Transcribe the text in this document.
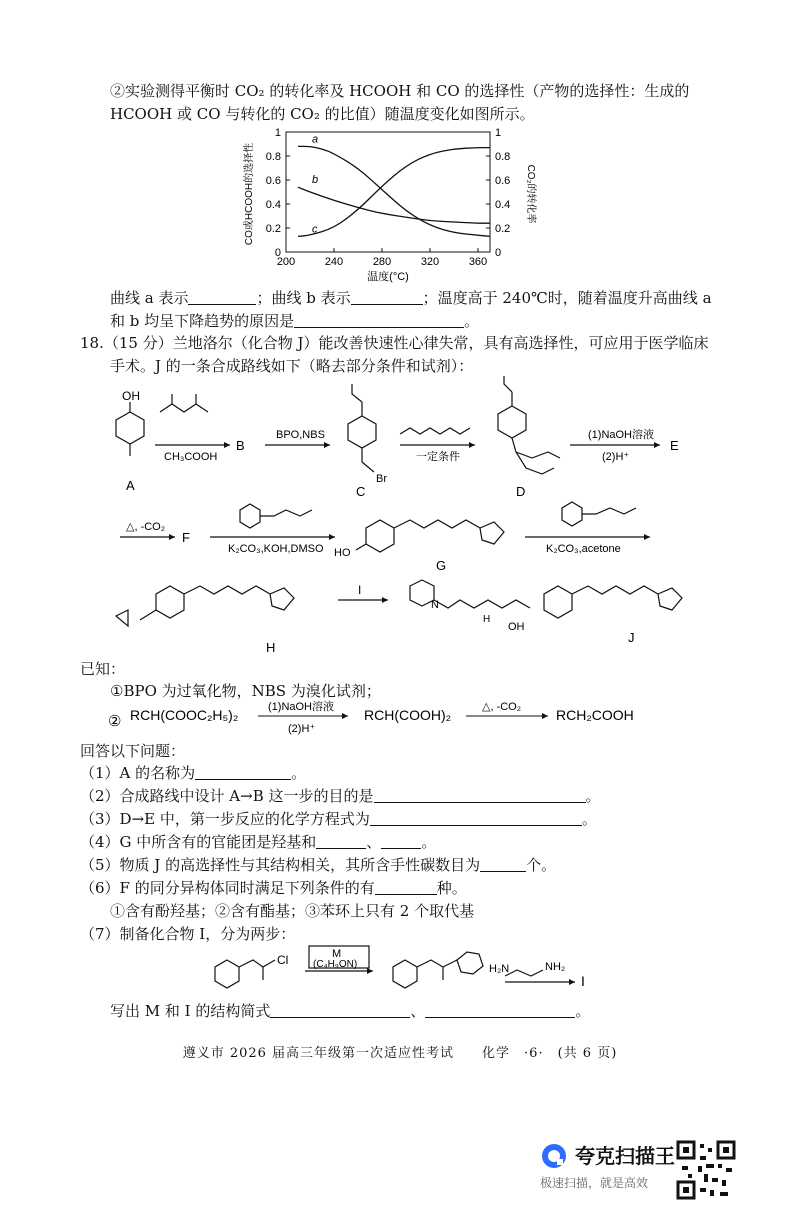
②实验测得平衡时 CO₂ 的转化率及 HCOOH 和 CO 的选择性（产物的选择性：生成的
HCOOH 或 CO 与转化的 CO₂ 的比值）随温度变化如图所示。
200	240	280	320	360
0
0.2
0.4
0.6
0.8
1
0
0.2
0.4
0.6
0.8
1
a
b
c
温度(°C)
CO或HCOOH的选择性	CO₂的转化率
曲线 a 表示	；曲线 b 表示	；温度高于 240℃时，随着温度升高曲线 a
和 b 均呈下降趋势的原因是	。
18.（15 分）兰地洛尔（化合物 J）能改善快速性心律失常，具有高选择性，可应用于医学临床
手术。J 的一条合成路线如下（略去部分条件和试剂）：
OH
A
CH₃COOH
B
BPO,NBS
Br
C
一定条件
D
(1)NaOH溶液
(2)H⁺
E
△, -CO₂
F
K₂CO₃,KOH,DMSO HO
G
K₂CO₃,acetone
H
I
N
H
OH
J
已知：
①BPO 为过氧化物，NBS 为溴化试剂；
② RCH(COOC₂H₅)₂	(1)NaOH溶液
(2)H⁺
RCH(COOH)₂	△, -CO₂ RCH₂COOH
回答以下问题：
（1）A 的名称为	。
（2）合成路线中设计 A→B 这一步的目的是	。
（3）D→E 中，第一步反应的化学方程式为	。
（4）G 中所含有的官能团是羟基和	、	。
（5）物质 J 的高选择性与其结构相关，其所含手性碳数目为	个。
（6）F 的同分异构体同时满足下列条件的有	种。
①含有酚羟基；②含有酯基；③苯环上只有 2 个取代基
（7）制备化合物 I，分为两步：
Cl	M
(C₄H₉ON)	H₂N	NH₂
I
写出 M 和 I 的结构简式	、	。
遵义市 2026 届高三年级第一次适应性考试　　化学　·6·　(共 6 页)
夸克扫描王
极速扫描，就是高效
